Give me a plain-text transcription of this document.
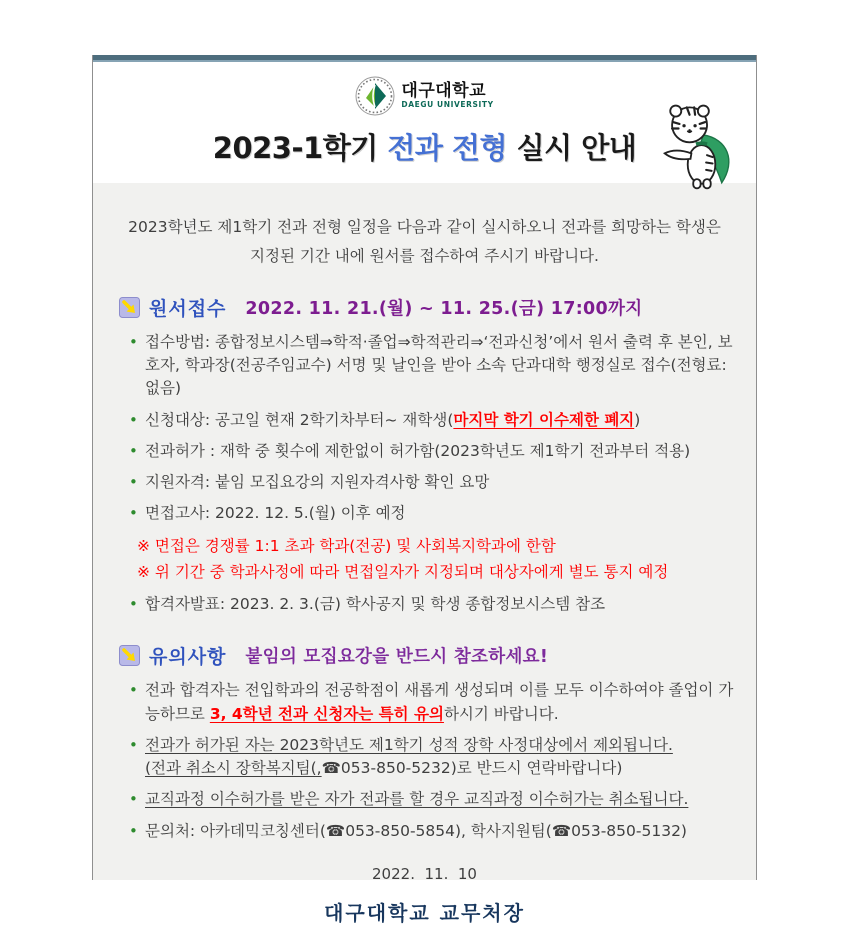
대구대학교
DAEGU UNIVERSITY
2023-1학기 전과 전형 실시 안내

2023학년도 제1학기 전과 전형 일정을 다음과 같이 실시하오니 전과를 희망하는 학생은 지정된 기간 내에 원서를 접수하여 주시기 바랍니다.

원서접수 2022. 11. 21.(월) ~ 11. 25.(금) 17:00까지
• 접수방법: 종합정보시스템⇒학적·졸업⇒학적관리⇒‘전과신청’에서 원서 출력 후 본인, 보호자, 학과장(전공주임교수) 서명 및 날인을 받아 소속 단과대학 행정실로 접수(전형료: 없음)
• 신청대상: 공고일 현재 2학기차부터~ 재학생(마지막 학기 이수제한 폐지)
• 전과허가 : 재학 중 횟수에 제한없이 허가함(2023학년도 제1학기 전과부터 적용)
• 지원자격: 붙임 모집요강의 지원자격사항 확인 요망
• 면접고사: 2022. 12. 5.(월) 이후 예정
※ 면접은 경쟁률 1:1 초과 학과(전공) 및 사회복지학과에 한함
※ 위 기간 중 학과사정에 따라 면접일자가 지정되며 대상자에게 별도 통지 예정
• 합격자발표: 2023. 2. 3.(금) 학사공지 및 학생 종합정보시스템 참조
유의사항 붙임의 모집요강을 반드시 참조하세요!
• 전과 합격자는 전입학과의 전공학점이 새롭게 생성되며 이를 모두 이수하여야 졸업이 가능하므로 3, 4학년 전과 신청자는 특히 유의하시기 바랍니다.
• 전과가 허가된 자는 2023학년도 제1학기 성적 장학 사정대상에서 제외됩니다.
(전과 취소시 장학복지팀(,☎053-850-5232)로 반드시 연락바랍니다)
• 교직과정 이수허가를 받은 자가 전과를 할 경우 교직과정 이수허가는 취소됩니다.
• 문의처: 아카데믹코칭센터(☎053-850-5854), 학사지원팀(☎053-850-5132)

2022.  11.  10

대구대학교 교무처장
